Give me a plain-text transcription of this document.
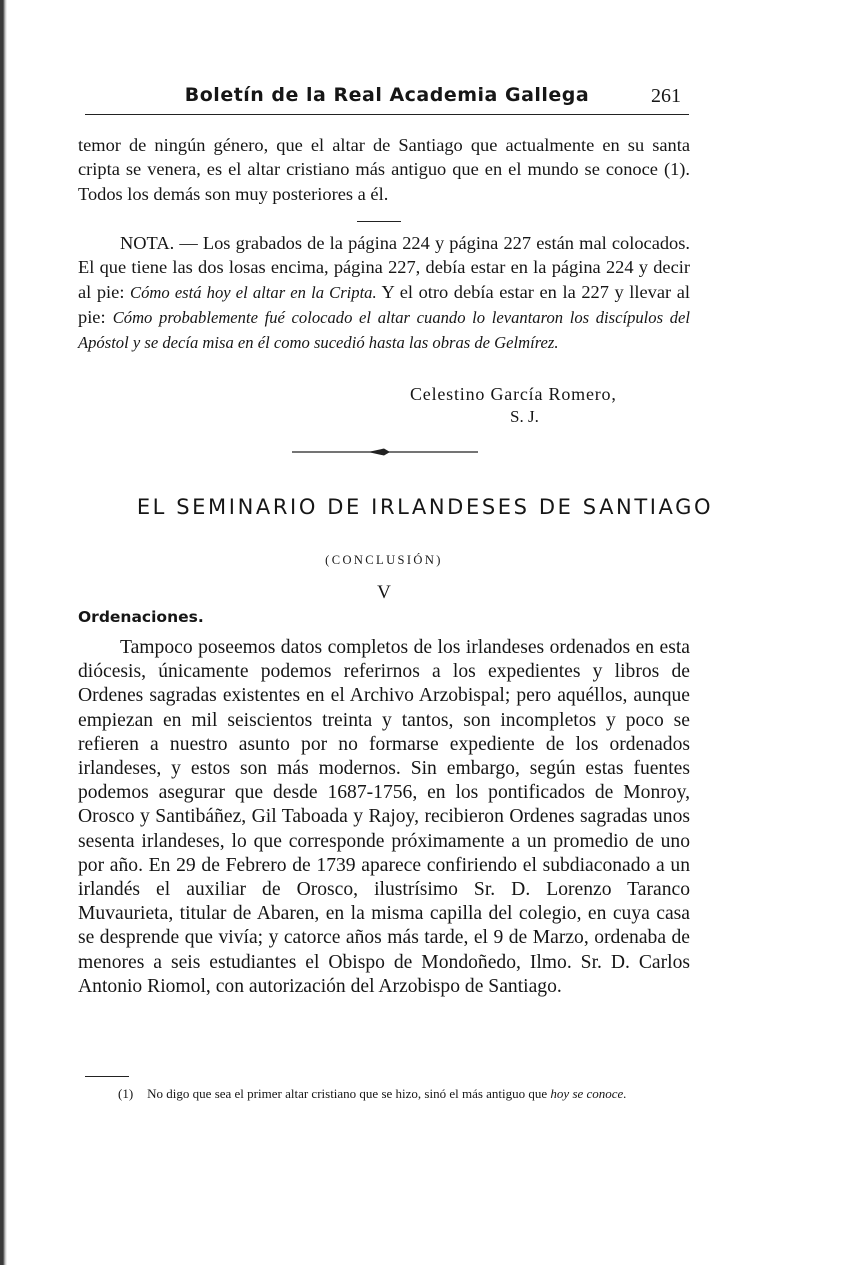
Boletín de la Real Academia Gallega	261

temor de ningún género, que el altar de Santiago que actualmente en su santa cripta se venera, es el altar cristiano más antiguo que en el mundo se conoce (1). Todos los demás son muy posteriores a él.

NOTA. — Los grabados de la página 224 y página 227 están mal colocados. El que tiene las dos losas encima, página 227, debía estar en la página 224 y decir al pie: Cómo está hoy el altar en la Cripta. Y el otro debía estar en la 227 y llevar al pie: Cómo probablemente fué colocado el altar cuando lo levantaron los discípulos del Apóstol y se decía misa en él como sucedió hasta las obras de Gelmírez.

Celestino García Romero,
S. J.
EL SEMINARIO DE IRLANDESES DE SANTIAGO
(CONCLUSIÓN)
V
Ordenaciones.

Tampoco poseemos datos completos de los irlandeses ordenados en esta diócesis, únicamente podemos referirnos a los expedientes y libros de Ordenes sagradas existentes en el Archivo Arzobispal; pero aquéllos, aunque empiezan en mil seiscientos treinta y tantos, son incompletos y poco se refieren a nuestro asunto por no formarse expediente de los ordenados irlandeses, y estos son más modernos. Sin embargo, según estas fuentes podemos asegurar que desde 1687-1756, en los pontificados de Monroy, Orosco y Santibáñez, Gil Taboada y Rajoy, recibieron Ordenes sagradas unos sesenta irlandeses, lo que corresponde próximamente a un promedio de uno por año. En 29 de Febrero de 1739 aparece confiriendo el subdiaconado a un irlandés el auxiliar de Orosco, ilustrísimo Sr. D. Lorenzo Taranco Muvaurieta, titular de Abaren, en la misma capilla del colegio, en cuya casa se desprende que vivía; y catorce años más tarde, el 9 de Marzo, ordenaba de menores a seis estudiantes el Obispo de Mondoñedo, Ilmo. Sr. D. Carlos Antonio Riomol, con autorización del Arzobispo de Santiago.

(1) No digo que sea el primer altar cristiano que se hizo, sinó el más antiguo que hoy se conoce.
